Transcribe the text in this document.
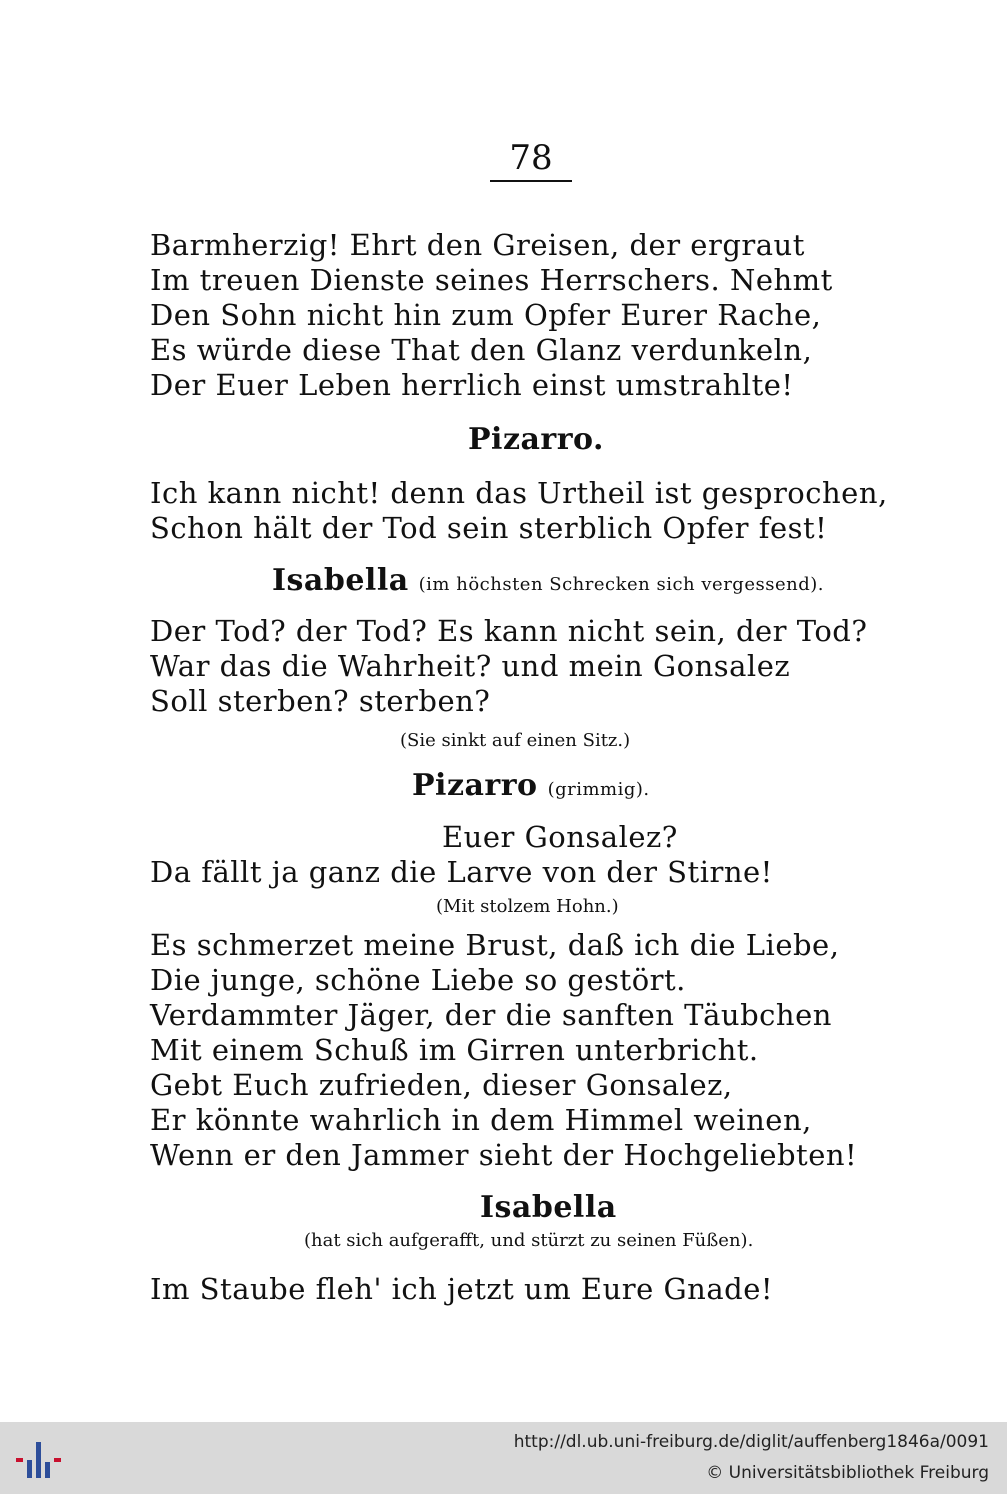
78
Barmherzig! Ehrt den Greisen, der ergraut
Im treuen Dienste seines Herrschers. Nehmt
Den Sohn nicht hin zum Opfer Eurer Rache,
Es würde diese That den Glanz verdunkeln,
Der Euer Leben herrlich einst umstrahlte!
Pizarro.
Ich kann nicht! denn das Urtheil ist gesprochen,
Schon hält der Tod sein sterblich Opfer fest!
Isabella (im höchsten Schrecken sich vergessend).
Der Tod? der Tod? Es kann nicht sein, der Tod?
War das die Wahrheit? und mein Gonsalez
Soll sterben? sterben?
(Sie sinkt auf einen Sitz.)
Pizarro (grimmig).
Euer Gonsalez?
Da fällt ja ganz die Larve von der Stirne!
(Mit stolzem Hohn.)
Es schmerzet meine Brust, daß ich die Liebe,
Die junge, schöne Liebe so gestört.
Verdammter Jäger, der die sanften Täubchen
Mit einem Schuß im Girren unterbricht.
Gebt Euch zufrieden, dieser Gonsalez,
Er könnte wahrlich in dem Himmel weinen,
Wenn er den Jammer sieht der Hochgeliebten!
Isabella
(hat sich aufgerafft, und stürzt zu seinen Füßen).
Im Staube fleh' ich jetzt um Eure Gnade!
http://dl.ub.uni-freiburg.de/diglit/auffenberg1846a/0091
© Universitätsbibliothek Freiburg
